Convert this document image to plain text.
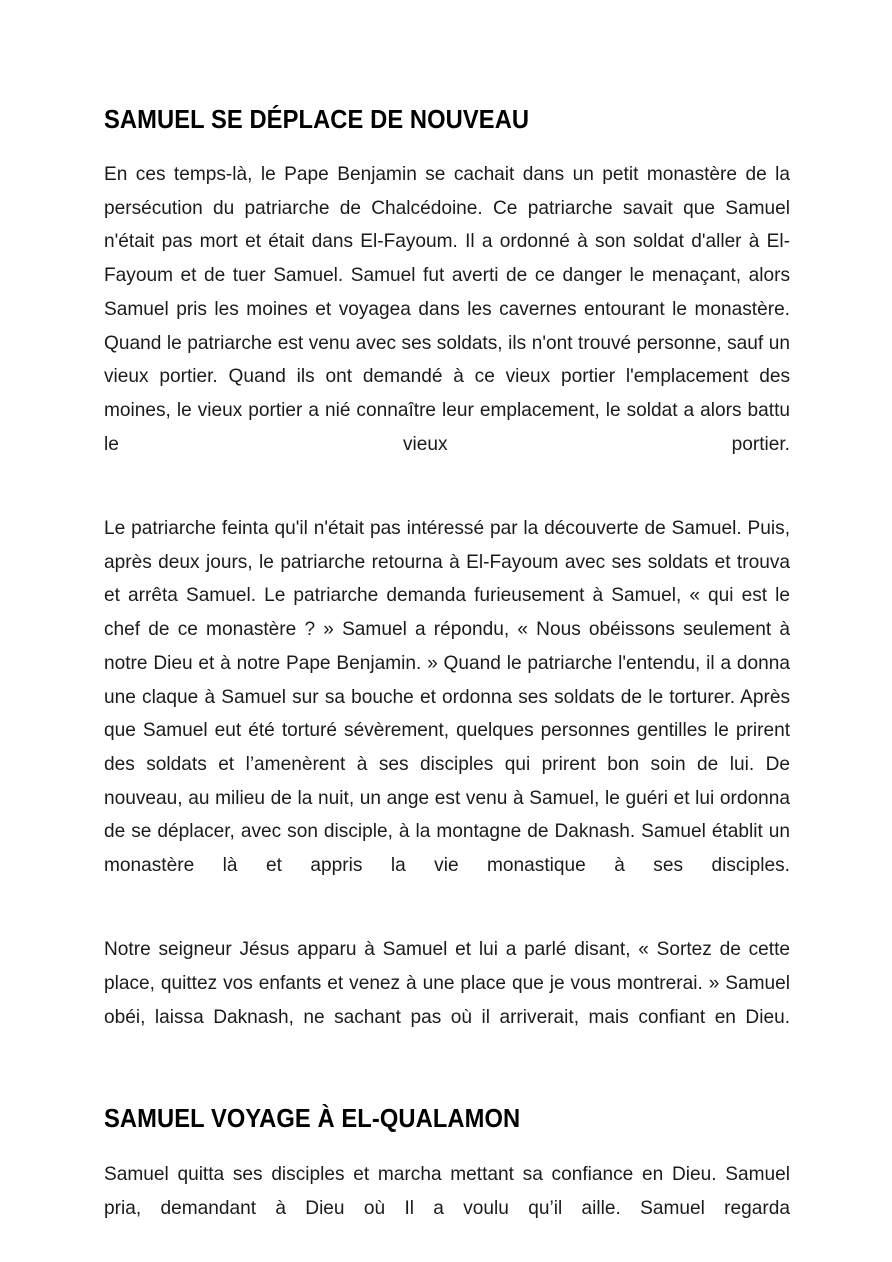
SAMUEL SE DÉPLACE DE NOUVEAU

En ces temps-là, le Pape Benjamin se cachait dans un petit monastère de la persécution du patriarche de Chalcédoine. Ce patriarche savait que Samuel n'était pas mort et était dans El-Fayoum. Il a ordonné à son soldat d'aller à El-Fayoum et de tuer Samuel. Samuel fut averti de ce danger le menaçant, alors Samuel pris les moines et voyagea dans les cavernes entourant le monastère. Quand le patriarche est venu avec ses soldats, ils n'ont trouvé personne, sauf un vieux portier. Quand ils ont demandé à ce vieux portier l'emplacement des moines, le vieux portier a nié connaître leur emplacement, le soldat a alors battu le vieux portier.

Le patriarche feinta qu'il n'était pas intéressé par la découverte de Samuel. Puis, après deux jours, le patriarche retourna à El-Fayoum avec ses soldats et trouva et arrêta Samuel. Le patriarche demanda furieusement à Samuel, « qui est le chef de ce monastère ? » Samuel a répondu, « Nous obéissons seulement à notre Dieu et à notre Pape Benjamin. » Quand le patriarche l'entendu, il a donna une claque à Samuel sur sa bouche et ordonna ses soldats de le torturer. Après que Samuel eut été torturé sévèrement, quelques personnes gentilles le prirent des soldats et l’amenèrent à ses disciples qui prirent bon soin de lui. De nouveau, au milieu de la nuit, un ange est venu à Samuel, le guéri et lui ordonna de se déplacer, avec son disciple, à la montagne de Daknash. Samuel établit un monastère là et appris la vie monastique à ses disciples.

Notre seigneur Jésus apparu à Samuel et lui a parlé disant, « Sortez de cette place, quittez vos enfants et venez à une place que je vous montrerai. » Samuel obéi, laissa Daknash, ne sachant pas où il arriverait, mais confiant en Dieu.

SAMUEL VOYAGE À EL-QUALAMON

Samuel quitta ses disciples et marcha mettant sa confiance en Dieu. Samuel pria, demandant à Dieu où Il a voulu qu’il aille. Samuel regarda
